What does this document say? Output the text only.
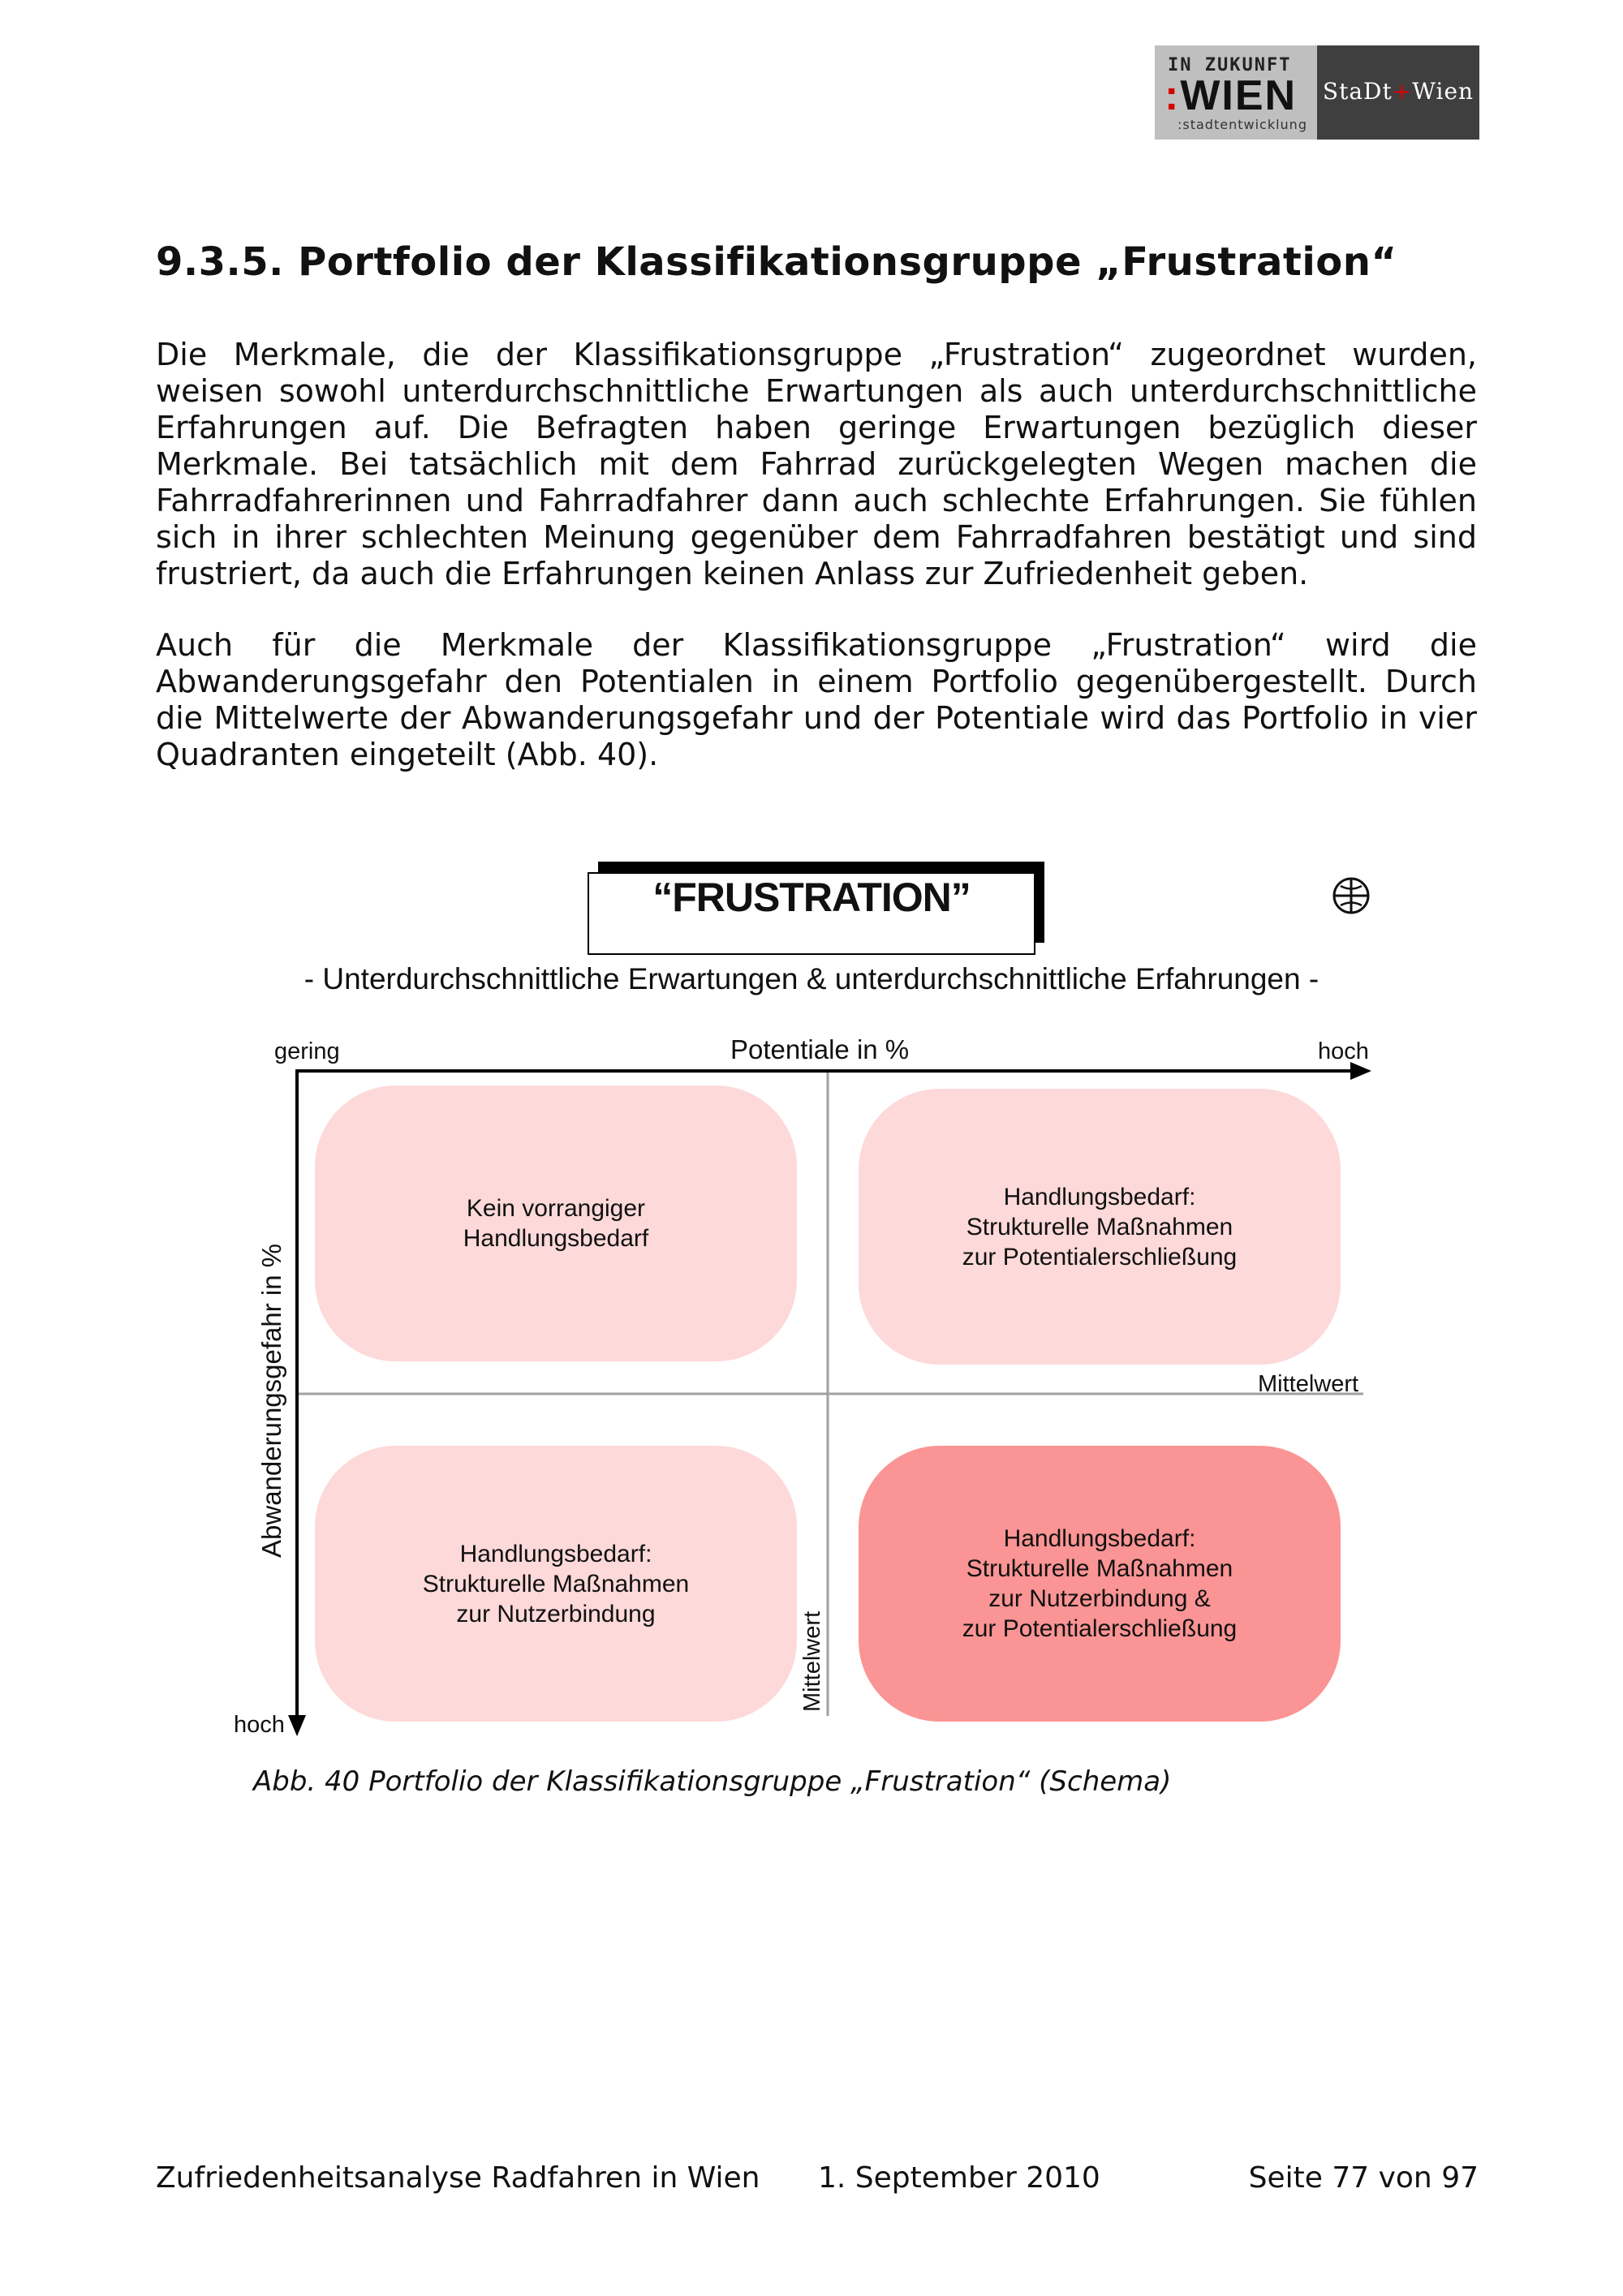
IN ZUKUNFT
:WIEN
:stadtentwicklung
StaDt+Wien
9.3.5. Portfolio der Klassifikationsgruppe „Frustration“
Die Merkmale, die der Klassifikationsgruppe „Frustration“ zugeordnet wurden, weisen sowohl unterdurchschnittliche Erwartungen als auch unterdurchschnittliche Erfahrungen auf. Die Befragten haben geringe Erwartungen bezüglich dieser Merkmale. Bei tatsächlich mit dem Fahrrad zurückgelegten Wegen machen die Fahrradfahrerinnen und Fahrradfahrer dann auch schlechte Erfahrungen. Sie fühlen sich in ihrer schlechten Meinung gegenüber dem Fahrradfahren bestätigt und sind frustriert, da auch die Erfahrungen keinen Anlass zur Zufriedenheit geben.
Auch für die Merkmale der Klassifikationsgruppe „Frustration“ wird die Abwanderungsgefahr den Potentialen in einem Portfolio gegenübergestellt. Durch die Mittelwerte der Abwanderungsgefahr und der Potentiale wird das Portfolio in vier Quadranten eingeteilt (Abb. 40).
“FRUSTRATION”
- Unterdurchschnittliche Erwartungen & unterdurchschnittliche Erfahrungen -
Kein vorrangiger
Handlungsbedarf
Handlungsbedarf:
Strukturelle Maßnahmen
zur Potentialerschließung
Handlungsbedarf:
Strukturelle Maßnahmen
zur Nutzerbindung
Handlungsbedarf:
Strukturelle Maßnahmen
zur Nutzerbindung &
zur Potentialerschließung
gering	Potentiale in %	hoch
hoch
Abwanderungsgefahr in %	Mittelwert
Mittelwert
Abb. 40 Portfolio der Klassifikationsgruppe „Frustration“ (Schema)
Zufriedenheitsanalyse Radfahren in Wien 1. September 2010	Seite 77 von 97
